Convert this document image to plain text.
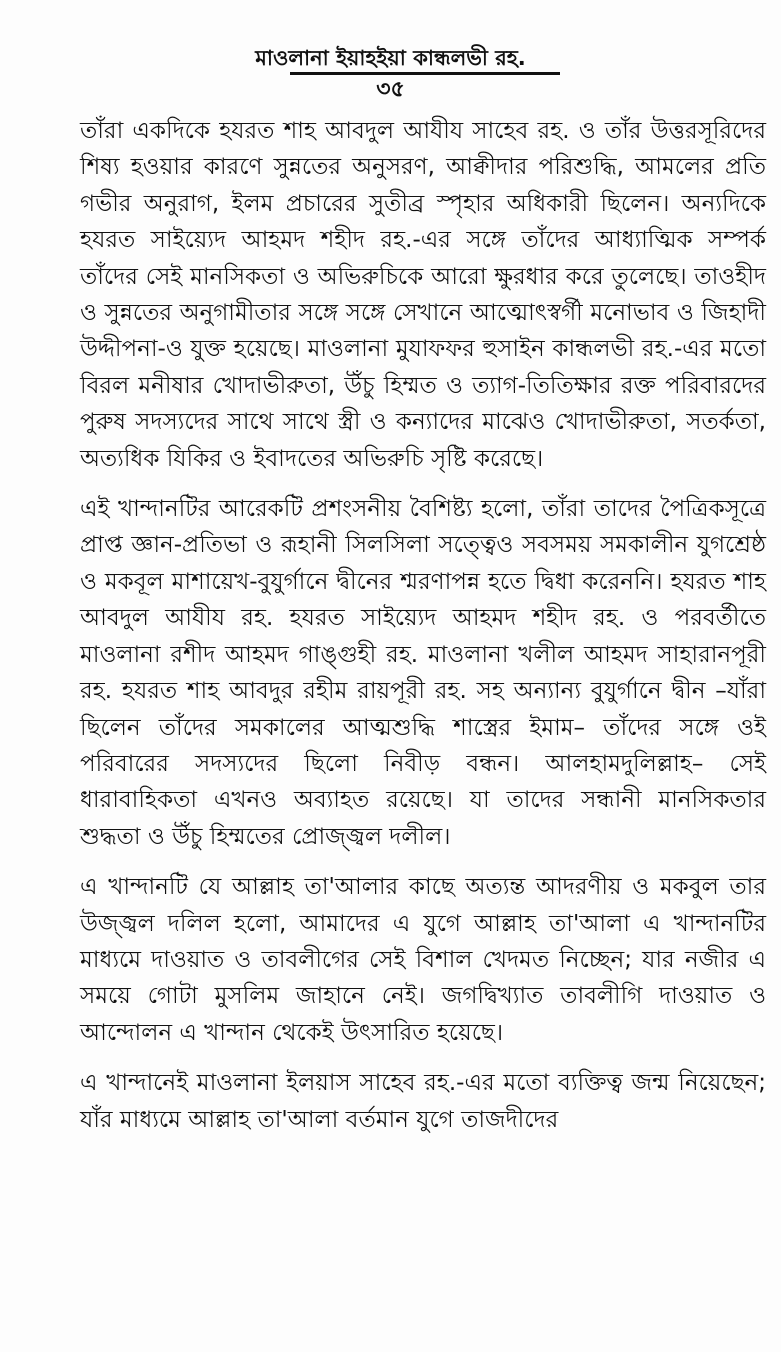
মাওলানা ইয়াহইয়া কান্ধলভী রহ.
৩৫

তাঁরা একদিকে হযরত শাহ আবদুল আযীয সাহেব রহ. ও তাঁর উত্তরসূরিদের শিষ্য হওয়ার কারণে সুন্নতের অনুসরণ, আক্বীদার পরিশুদ্ধি, আমলের প্রতি গভীর অনুরাগ, ইলম প্রচারের সুতীব্র স্পৃহার অধিকারী ছিলেন। অন্যদিকে হযরত সাইয়্যেদ আহমদ শহীদ রহ.-এর সঙ্গে তাঁদের আধ্যাত্মিক সম্পর্ক তাঁদের সেই মানসিকতা ও অভিরুচিকে আরো ক্ষুরধার করে তুলেছে। তাওহীদ ও সুন্নতের অনুগামীতার সঙ্গে সঙ্গে সেখানে আত্মোৎস্বর্গী মনোভাব ও জিহাদী উদ্দীপনা-ও যুক্ত হয়েছে। মাওলানা মুযাফফর হুসাইন কান্ধলভী রহ.-এর মতো বিরল মনীষার খোদাভীরুতা, উঁচু হিম্মত ও ত্যাগ-তিতিক্ষার রক্ত পরিবারদের পুরুষ সদস্যদের সাথে সাথে স্ত্রী ও কন্যাদের মাঝেও খোদাভীরুতা, সতর্কতা, অত্যধিক যিকির ও ইবাদতের অভিরুচি সৃষ্টি করেছে।

এই খান্দানটির আরেকটি প্রশংসনীয় বৈশিষ্ট্য হলো, তাঁরা তাদের পৈত্রিকসূত্রে প্রাপ্ত জ্ঞান-প্রতিভা ও রূহানী সিলসিলা সত্ত্বেও সবসময় সমকালীন যুগশ্রেষ্ঠ ও মকবূল মাশায়েখ-বুযুর্গানে দ্বীনের শ্মরণাপন্ন হতে দ্বিধা করেননি। হযরত শাহ আবদুল আযীয রহ. হযরত সাইয়্যেদ আহমদ শহীদ রহ. ও পরবর্তীতে মাওলানা রশীদ আহমদ গাঙ্গুহী রহ. মাওলানা খলীল আহমদ সাহারানপূরী রহ. হযরত শাহ আবদুর রহীম রায়পূরী রহ. সহ অন্যান্য বুযুর্গানে দ্বীন –যাঁরা ছিলেন তাঁদের সমকালের আত্মশুদ্ধি শাস্ত্রের ইমাম– তাঁদের সঙ্গে ওই পরিবারের সদস্যদের ছিলো নিবীড় বন্ধন। আলহামদুলিল্লাহ– সেই ধারাবাহিকতা এখনও অব্যাহত রয়েছে। যা তাদের সন্ধানী মানসিকতার শুদ্ধতা ও উঁচু হিম্মতের প্রোজ্জ্বল দলীল।

এ খান্দানটি যে আল্লাহ তা'আলার কাছে অত্যন্ত আদরণীয় ও মকবুল তার উজ্জ্বল দলিল হলো, আমাদের এ যুগে আল্লাহ তা'আলা এ খান্দানটির মাধ্যমে দাওয়াত ও তাবলীগের সেই বিশাল খেদমত নিচ্ছেন; যার নজীর এ সময়ে গোটা মুসলিম জাহানে নেই। জগদ্বিখ্যাত তাবলীগি দাওয়াত ও আন্দোলন এ খান্দান থেকেই উৎসারিত হয়েছে।

এ খান্দানেই মাওলানা ইলয়াস সাহেব রহ.-এর মতো ব্যক্তিত্ব জন্ম নিয়েছেন; যাঁর মাধ্যমে আল্লাহ তা'আলা বর্তমান যুগে তাজদীদের
